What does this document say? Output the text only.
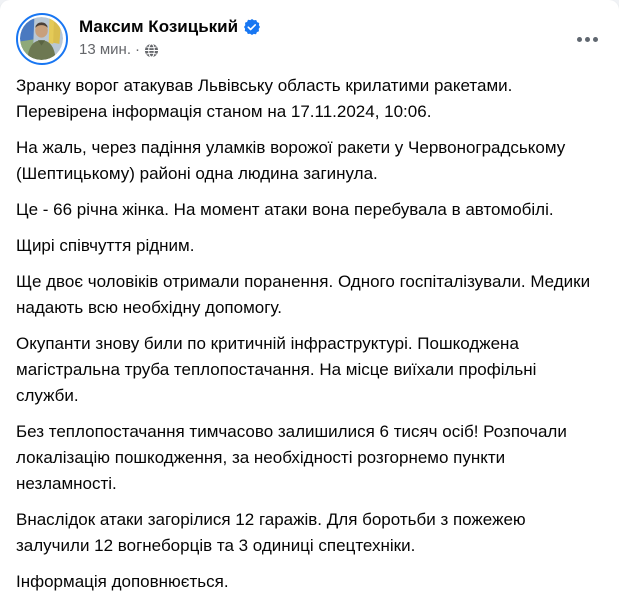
Максим Козицький
13 мин. ·

Зранку ворог атакував Львівську область крилатими ракетами. Перевірена інформація станом на 17.11.2024, 10:06.

На жаль, через падіння уламків ворожої ракети у Червоноградському (Шептицькому) районі одна людина загинула.

Це - 66 річна жінка. На момент атаки вона перебувала в автомобілі.

Щирі співчуття рідним.

Ще двоє чоловіків отримали поранення. Одного госпіталізували. Медики надають всю необхідну допомогу.

Окупанти знову били по критичній інфраструктурі. Пошкоджена магістральна труба теплопостачання. На місце виїхали профільні служби.

Без теплопостачання тимчасово залишилися 6 тисяч осіб! Розпочали локалізацію пошкодження, за необхідності розгорнемо пункти незламності.

Внаслідок атаки загорілися 12 гаражів. Для боротьби з пожежею залучили 12 вогнеборців та 3 одиниці спецтехніки.

Інформація доповнюється.
